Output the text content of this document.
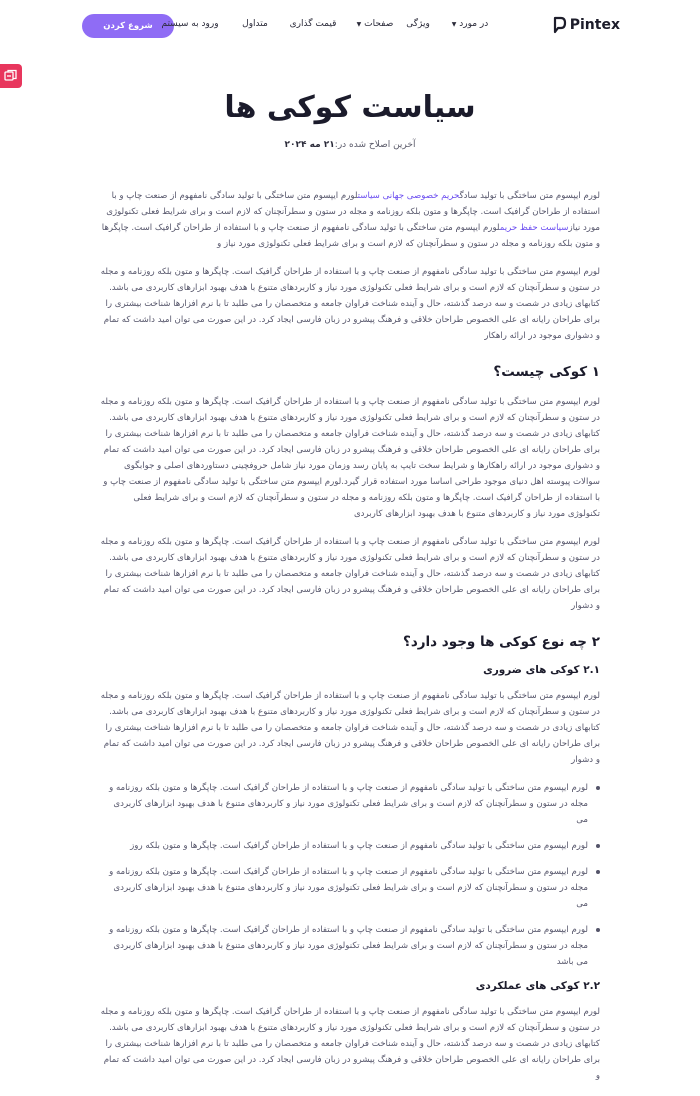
شروع کردن ورود به سیستم	متداول	قیمت گذاری	صفحات ▼	ویژگی	در مورد ▼	Pintex
سیاست کوکی ها
آخرین اصلاح شده در:۲۱ مه ۲۰۲۴

لورم ایپسوم متن ساختگی با تولید سادگحریم خصوصی جهانی سیاستلورم ایپسوم متن ساختگی با تولید سادگی نامفهوم از صنعت چاپ و با استفاده از طراحان گرافیک است. چاپگرها و متون بلکه روزنامه و مجله در ستون و سطرآنچنان که لازم است و برای شرایط فعلی تکنولوژی مورد نیازسیاست حفظ حریملورم ایپسوم متن ساختگی با تولید سادگی نامفهوم از صنعت چاپ و با استفاده از طراحان گرافیک است. چاپگرها و متون بلکه روزنامه و مجله در ستون و سطرآنچنان که لازم است و برای شرایط فعلی تکنولوژی مورد نیاز و

لورم ایپسوم متن ساختگی با تولید سادگی نامفهوم از صنعت چاپ و با استفاده از طراحان گرافیک است. چاپگرها و متون بلکه روزنامه و مجله در ستون و سطرآنچنان که لازم است و برای شرایط فعلی تکنولوژی مورد نیاز و کاربردهای متنوع با هدف بهبود ابزارهای کاربردی می باشد. کتابهای زیادی در شصت و سه درصد گذشته، حال و آینده شناخت فراوان جامعه و متخصصان را می طلبد تا با نرم افزارها شناخت بیشتری را برای طراحان رایانه ای علی الخصوص طراحان خلاقی و فرهنگ پیشرو در زبان فارسی ایجاد کرد. در این صورت می توان امید داشت که تمام و دشواری موجود در ارائه راهکار

۱ کوکی چیست؟

لورم ایپسوم متن ساختگی با تولید سادگی نامفهوم از صنعت چاپ و با استفاده از طراحان گرافیک است. چاپگرها و متون بلکه روزنامه و مجله در ستون و سطرآنچنان که لازم است و برای شرایط فعلی تکنولوژی مورد نیاز و کاربردهای متنوع با هدف بهبود ابزارهای کاربردی می باشد. کتابهای زیادی در شصت و سه درصد گذشته، حال و آینده شناخت فراوان جامعه و متخصصان را می طلبد تا با نرم افزارها شناخت بیشتری را برای طراحان رایانه ای علی الخصوص طراحان خلاقی و فرهنگ پیشرو در زبان فارسی ایجاد کرد. در این صورت می توان امید داشت که تمام و دشواری موجود در ارائه راهکارها و شرایط سخت تایپ به پایان رسد وزمان مورد نیاز شامل حروفچینی دستاوردهای اصلی و جوابگوی سوالات پیوسته اهل دنیای موجود طراحی اساسا مورد استفاده قرار گیرد.لورم ایپسوم متن ساختگی با تولید سادگی نامفهوم از صنعت چاپ و با استفاده از طراحان گرافیک است. چاپگرها و متون بلکه روزنامه و مجله در ستون و سطرآنچنان که لازم است و برای شرایط فعلی تکنولوژی مورد نیاز و کاربردهای متنوع با هدف بهبود ابزارهای کاربردی

لورم ایپسوم متن ساختگی با تولید سادگی نامفهوم از صنعت چاپ و با استفاده از طراحان گرافیک است. چاپگرها و متون بلکه روزنامه و مجله در ستون و سطرآنچنان که لازم است و برای شرایط فعلی تکنولوژی مورد نیاز و کاربردهای متنوع با هدف بهبود ابزارهای کاربردی می باشد. کتابهای زیادی در شصت و سه درصد گذشته، حال و آینده شناخت فراوان جامعه و متخصصان را می طلبد تا با نرم افزارها شناخت بیشتری را برای طراحان رایانه ای علی الخصوص طراحان خلاقی و فرهنگ پیشرو در زبان فارسی ایجاد کرد. در این صورت می توان امید داشت که تمام و دشوار

۲ چه نوع کوکی ها وجود دارد؟
۲.۱ کوکی های ضروری

لورم ایپسوم متن ساختگی با تولید سادگی نامفهوم از صنعت چاپ و با استفاده از طراحان گرافیک است. چاپگرها و متون بلکه روزنامه و مجله در ستون و سطرآنچنان که لازم است و برای شرایط فعلی تکنولوژی مورد نیاز و کاربردهای متنوع با هدف بهبود ابزارهای کاربردی می باشد. کتابهای زیادی در شصت و سه درصد گذشته، حال و آینده شناخت فراوان جامعه و متخصصان را می طلبد تا با نرم افزارها شناخت بیشتری را برای طراحان رایانه ای علی الخصوص طراحان خلاقی و فرهنگ پیشرو در زبان فارسی ایجاد کرد. در این صورت می توان امید داشت که تمام و دشوار

لورم ایپسوم متن ساختگی با تولید سادگی نامفهوم از صنعت چاپ و با استفاده از طراحان گرافیک است. چاپگرها و متون بلکه روزنامه و مجله در ستون و سطرآنچنان که لازم است و برای شرایط فعلی تکنولوژی مورد نیاز و کاربردهای متنوع با هدف بهبود ابزارهای کاربردی می
لورم ایپسوم متن ساختگی با تولید سادگی نامفهوم از صنعت چاپ و با استفاده از طراحان گرافیک است. چاپگرها و متون بلکه روز
لورم ایپسوم متن ساختگی با تولید سادگی نامفهوم از صنعت چاپ و با استفاده از طراحان گرافیک است. چاپگرها و متون بلکه روزنامه و مجله در ستون و سطرآنچنان که لازم است و برای شرایط فعلی تکنولوژی مورد نیاز و کاربردهای متنوع با هدف بهبود ابزارهای کاربردی می
لورم ایپسوم متن ساختگی با تولید سادگی نامفهوم از صنعت چاپ و با استفاده از طراحان گرافیک است. چاپگرها و متون بلکه روزنامه و مجله در ستون و سطرآنچنان که لازم است و برای شرایط فعلی تکنولوژی مورد نیاز و کاربردهای متنوع با هدف بهبود ابزارهای کاربردی می باشد
۲.۲ کوکی های عملکردی

لورم ایپسوم متن ساختگی با تولید سادگی نامفهوم از صنعت چاپ و با استفاده از طراحان گرافیک است. چاپگرها و متون بلکه روزنامه و مجله در ستون و سطرآنچنان که لازم است و برای شرایط فعلی تکنولوژی مورد نیاز و کاربردهای متنوع با هدف بهبود ابزارهای کاربردی می باشد. کتابهای زیادی در شصت و سه درصد گذشته، حال و آینده شناخت فراوان جامعه و متخصصان را می طلبد تا با نرم افزارها شناخت بیشتری را برای طراحان رایانه ای علی الخصوص طراحان خلاقی و فرهنگ پیشرو در زبان فارسی ایجاد کرد. در این صورت می توان امید داشت که تمام و
